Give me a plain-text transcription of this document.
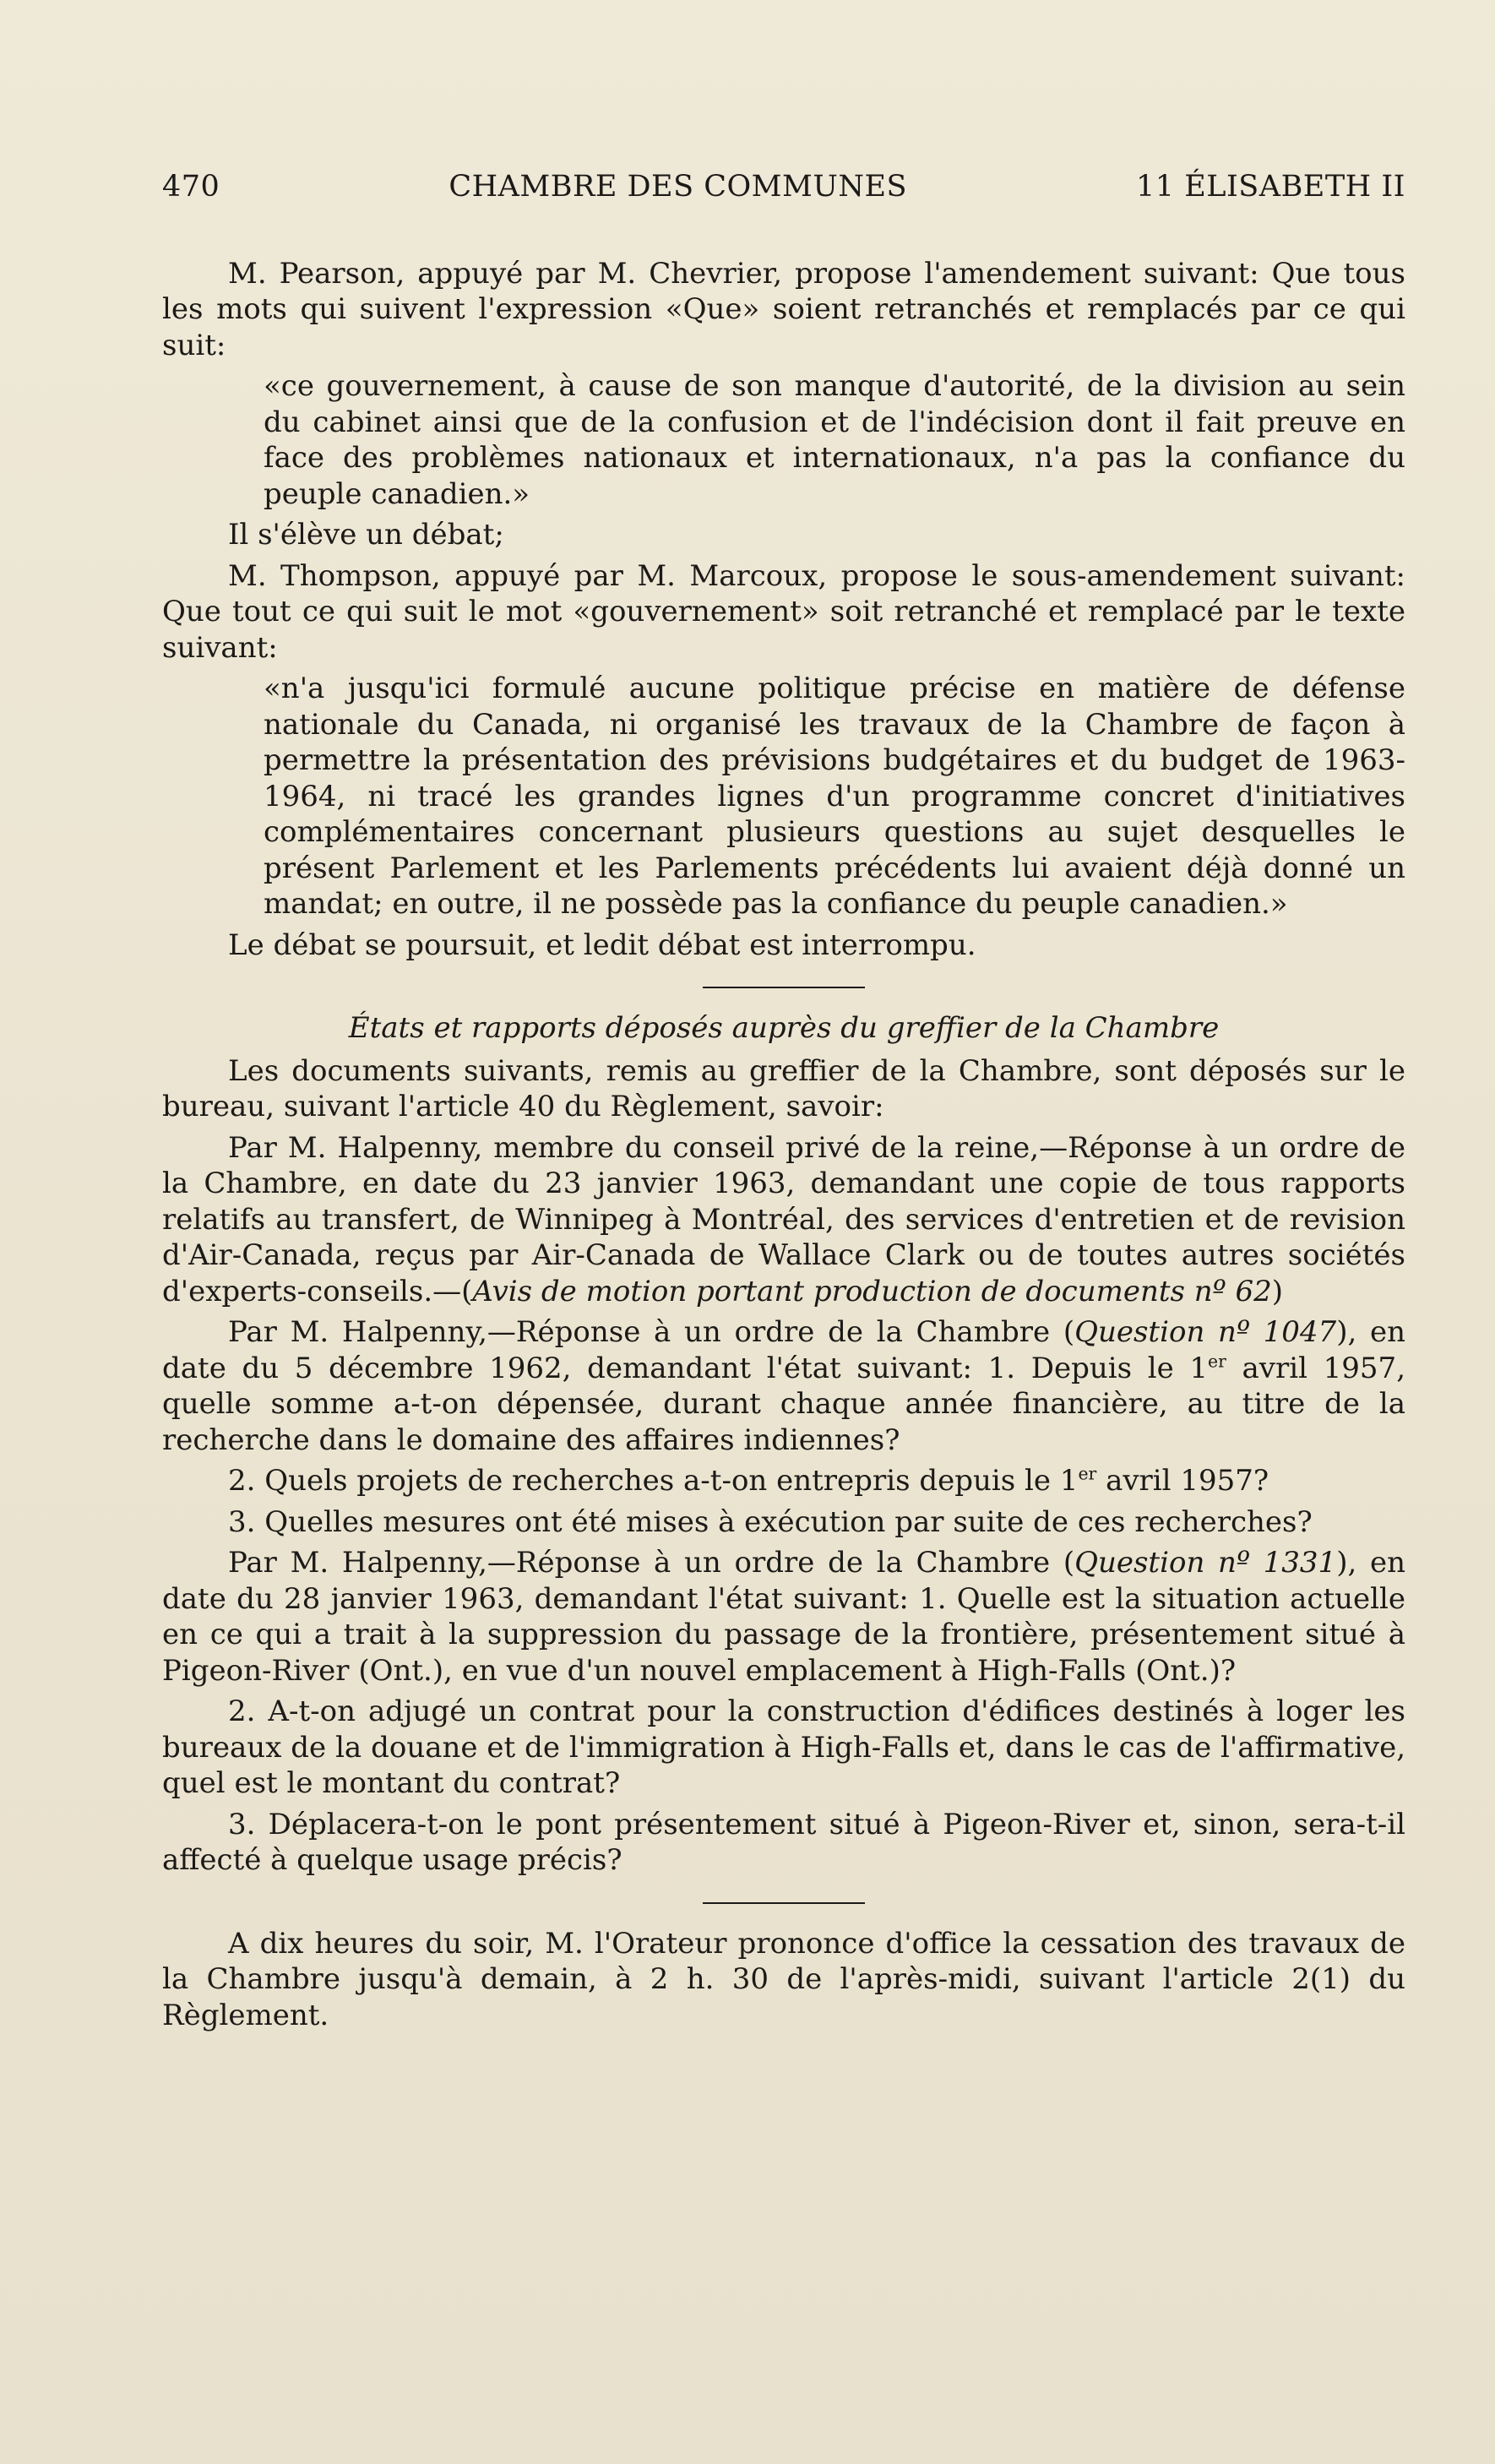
470	CHAMBRE DES COMMUNES	11 ÉLISABETH II

M. Pearson, appuyé par M. Chevrier, propose l'amendement suivant: Que tous les mots qui suivent l'expression «Que» soient retranchés et remplacés par ce qui suit:

«ce gouvernement, à cause de son manque d'autorité, de la division au sein du cabinet ainsi que de la confusion et de l'indécision dont il fait preuve en face des problèmes nationaux et internationaux, n'a pas la confiance du peuple canadien.»

Il s'élève un débat;

M. Thompson, appuyé par M. Marcoux, propose le sous-amendement suivant: Que tout ce qui suit le mot «gouvernement» soit retranché et remplacé par le texte suivant:

«n'a jusqu'ici formulé aucune politique précise en matière de défense nationale du Canada, ni organisé les travaux de la Chambre de façon à permettre la présentation des prévisions budgétaires et du budget de 1963-1964, ni tracé les grandes lignes d'un programme concret d'initiatives complémentaires concernant plusieurs questions au sujet desquelles le présent Parlement et les Parlements précédents lui avaient déjà donné un mandat; en outre, il ne possède pas la confiance du peuple canadien.»

Le débat se poursuit, et ledit débat est interrompu.

États et rapports déposés auprès du greffier de la Chambre

Les documents suivants, remis au greffier de la Chambre, sont déposés sur le bureau, suivant l'article 40 du Règlement, savoir:

Par M. Halpenny, membre du conseil privé de la reine,—Réponse à un ordre de la Chambre, en date du 23 janvier 1963, demandant une copie de tous rapports relatifs au transfert, de Winnipeg à Montréal, des services d'entretien et de revision d'Air-Canada, reçus par Air-Canada de Wallace Clark ou de toutes autres sociétés d'experts-conseils.—(Avis de motion portant production de documents nº 62)

Par M. Halpenny,—Réponse à un ordre de la Chambre (Question nº 1047), en date du 5 décembre 1962, demandant l'état suivant: 1. Depuis le 1er avril 1957, quelle somme a-t-on dépensée, durant chaque année financière, au titre de la recherche dans le domaine des affaires indiennes?

2. Quels projets de recherches a-t-on entrepris depuis le 1er avril 1957?

3. Quelles mesures ont été mises à exécution par suite de ces recherches?

Par M. Halpenny,—Réponse à un ordre de la Chambre (Question nº 1331), en date du 28 janvier 1963, demandant l'état suivant: 1. Quelle est la situation actuelle en ce qui a trait à la suppression du passage de la frontière, présentement situé à Pigeon-River (Ont.), en vue d'un nouvel emplacement à High-Falls (Ont.)?

2. A-t-on adjugé un contrat pour la construction d'édifices destinés à loger les bureaux de la douane et de l'immigration à High-Falls et, dans le cas de l'affirmative, quel est le montant du contrat?

3. Déplacera-t-on le pont présentement situé à Pigeon-River et, sinon, sera-t-il affecté à quelque usage précis?

A dix heures du soir, M. l'Orateur prononce d'office la cessation des travaux de la Chambre jusqu'à demain, à 2 h. 30 de l'après-midi, suivant l'article 2(1) du Règlement.
